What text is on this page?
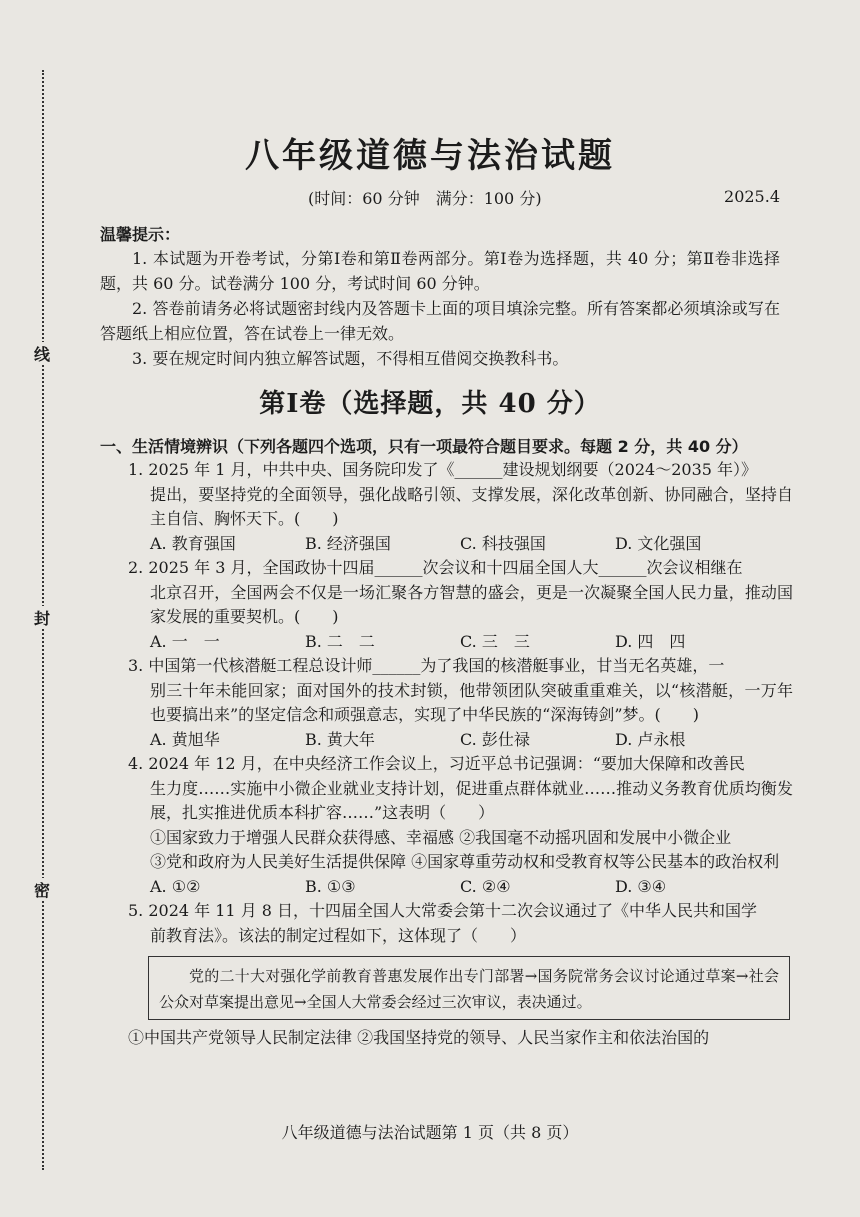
线
封
密
八年级道德与法治试题
(时间：60 分钟　满分：100 分)	2025.4
温馨提示：

1. 本试题为开卷考试，分第Ⅰ卷和第Ⅱ卷两部分。第Ⅰ卷为选择题，共 40 分；第Ⅱ卷非选择题，共 60 分。试卷满分 100 分，考试时间 60 分钟。

2. 答卷前请务必将试题密封线内及答题卡上面的项目填涂完整。所有答案都必须填涂或写在答题纸上相应位置，答在试卷上一律无效。

3. 要在规定时间内独立解答试题，不得相互借阅交换教科书。

第Ⅰ卷（选择题，共 40 分）
一、生活情境辨识（下列各题四个选项，只有一项最符合题目要求。每题 2 分，共 40 分）
1. 2025 年 1 月，中共中央、国务院印发了《______建设规划纲要（2024～2035 年）》
提出，要坚持党的全面领导，强化战略引领、支撑发展，深化改革创新、协同融合，坚持自主自信、胸怀天下。(　　)
A. 教育强国	B. 经济强国	C. 科技强国	D. 文化强国
2. 2025 年 3 月，全国政协十四届______次会议和十四届全国人大______次会议相继在
北京召开，全国两会不仅是一场汇聚各方智慧的盛会，更是一次凝聚全国人民力量，推动国家发展的重要契机。(　　)
A. 一　一	B. 二　二	C. 三　三	D. 四　四
3. 中国第一代核潜艇工程总设计师______为了我国的核潜艇事业，甘当无名英雄，一
别三十年未能回家；面对国外的技术封锁，他带领团队突破重重难关，以“核潜艇，一万年也要搞出来”的坚定信念和顽强意志，实现了中华民族的“深海铸剑”梦。(　　)
A. 黄旭华	B. 黄大年	C. 彭仕禄	D. 卢永根
4. 2024 年 12 月，在中央经济工作会议上，习近平总书记强调：“要加大保障和改善民
生力度……实施中小微企业就业支持计划，促进重点群体就业……推动义务教育优质均衡发展，扎实推进优质本科扩容……”这表明（　　）
①国家致力于增强人民群众获得感、幸福感 ②我国毫不动摇巩固和发展中小微企业
③党和政府为人民美好生活提供保障 ④国家尊重劳动权和受教育权等公民基本的政治权利
A. ①②	B. ①③	C. ②④	D. ③④
5. 2024 年 11 月 8 日，十四届全国人大常委会第十二次会议通过了《中华人民共和国学
前教育法》。该法的制定过程如下，这体现了（　　）
党的二十大对强化学前教育普惠发展作出专门部署→国务院常务会议讨论通过草案→社会公众对草案提出意见→全国人大常委会经过三次审议，表决通过。
①中国共产党领导人民制定法律 ②我国坚持党的领导、人民当家作主和依法治国的
八年级道德与法治试题第 1 页（共 8 页）
